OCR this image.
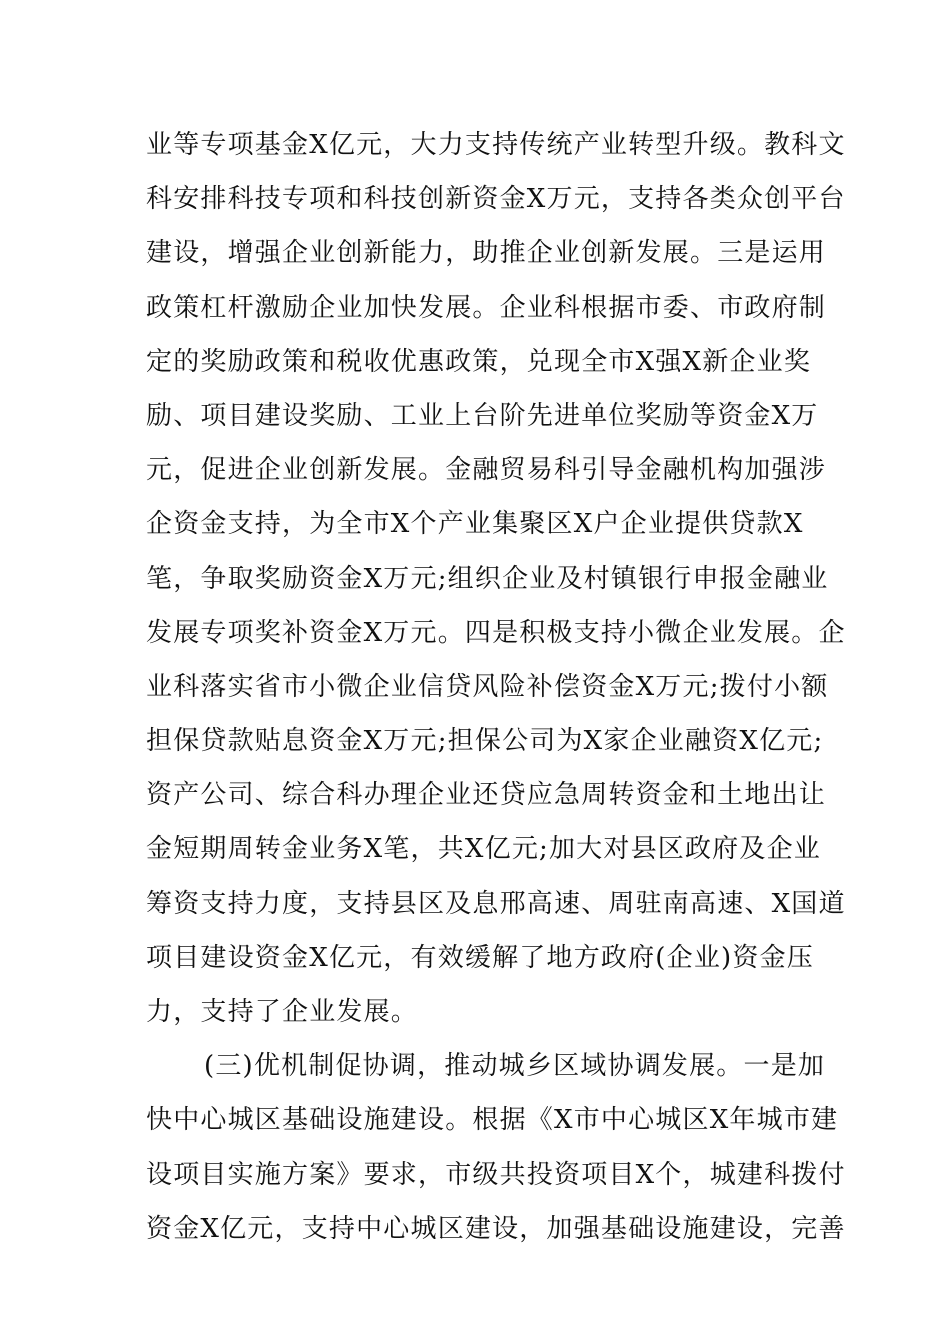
业等专项基金X亿元，大力支持传统产业转型升级。教科文
科安排科技专项和科技创新资金X万元，支持各类众创平台
建设，增强企业创新能力，助推企业创新发展。三是运用
政策杠杆激励企业加快发展。企业科根据市委、市政府制
定的奖励政策和税收优惠政策，兑现全市X强X新企业奖
励、项目建设奖励、工业上台阶先进单位奖励等资金X万
元，促进企业创新发展。金融贸易科引导金融机构加强涉
企资金支持，为全市X个产业集聚区X户企业提供贷款X
笔，争取奖励资金X万元;组织企业及村镇银行申报金融业
发展专项奖补资金X万元。四是积极支持小微企业发展。企
业科落实省市小微企业信贷风险补偿资金X万元;拨付小额
担保贷款贴息资金X万元;担保公司为X家企业融资X亿元;
资产公司、综合科办理企业还贷应急周转资金和土地出让
金短期周转金业务X笔，共X亿元;加大对县区政府及企业
筹资支持力度，支持县区及息邢高速、周驻南高速、X国道
项目建设资金X亿元，有效缓解了地方政府(企业)资金压
力，支持了企业发展。
(三)优机制促协调，推动城乡区域协调发展。一是加
快中心城区基础设施建设。根据《X市中心城区X年城市建
设项目实施方案》要求，市级共投资项目X个，城建科拨付
资金X亿元，支持中心城区建设，加强基础设施建设，完善
